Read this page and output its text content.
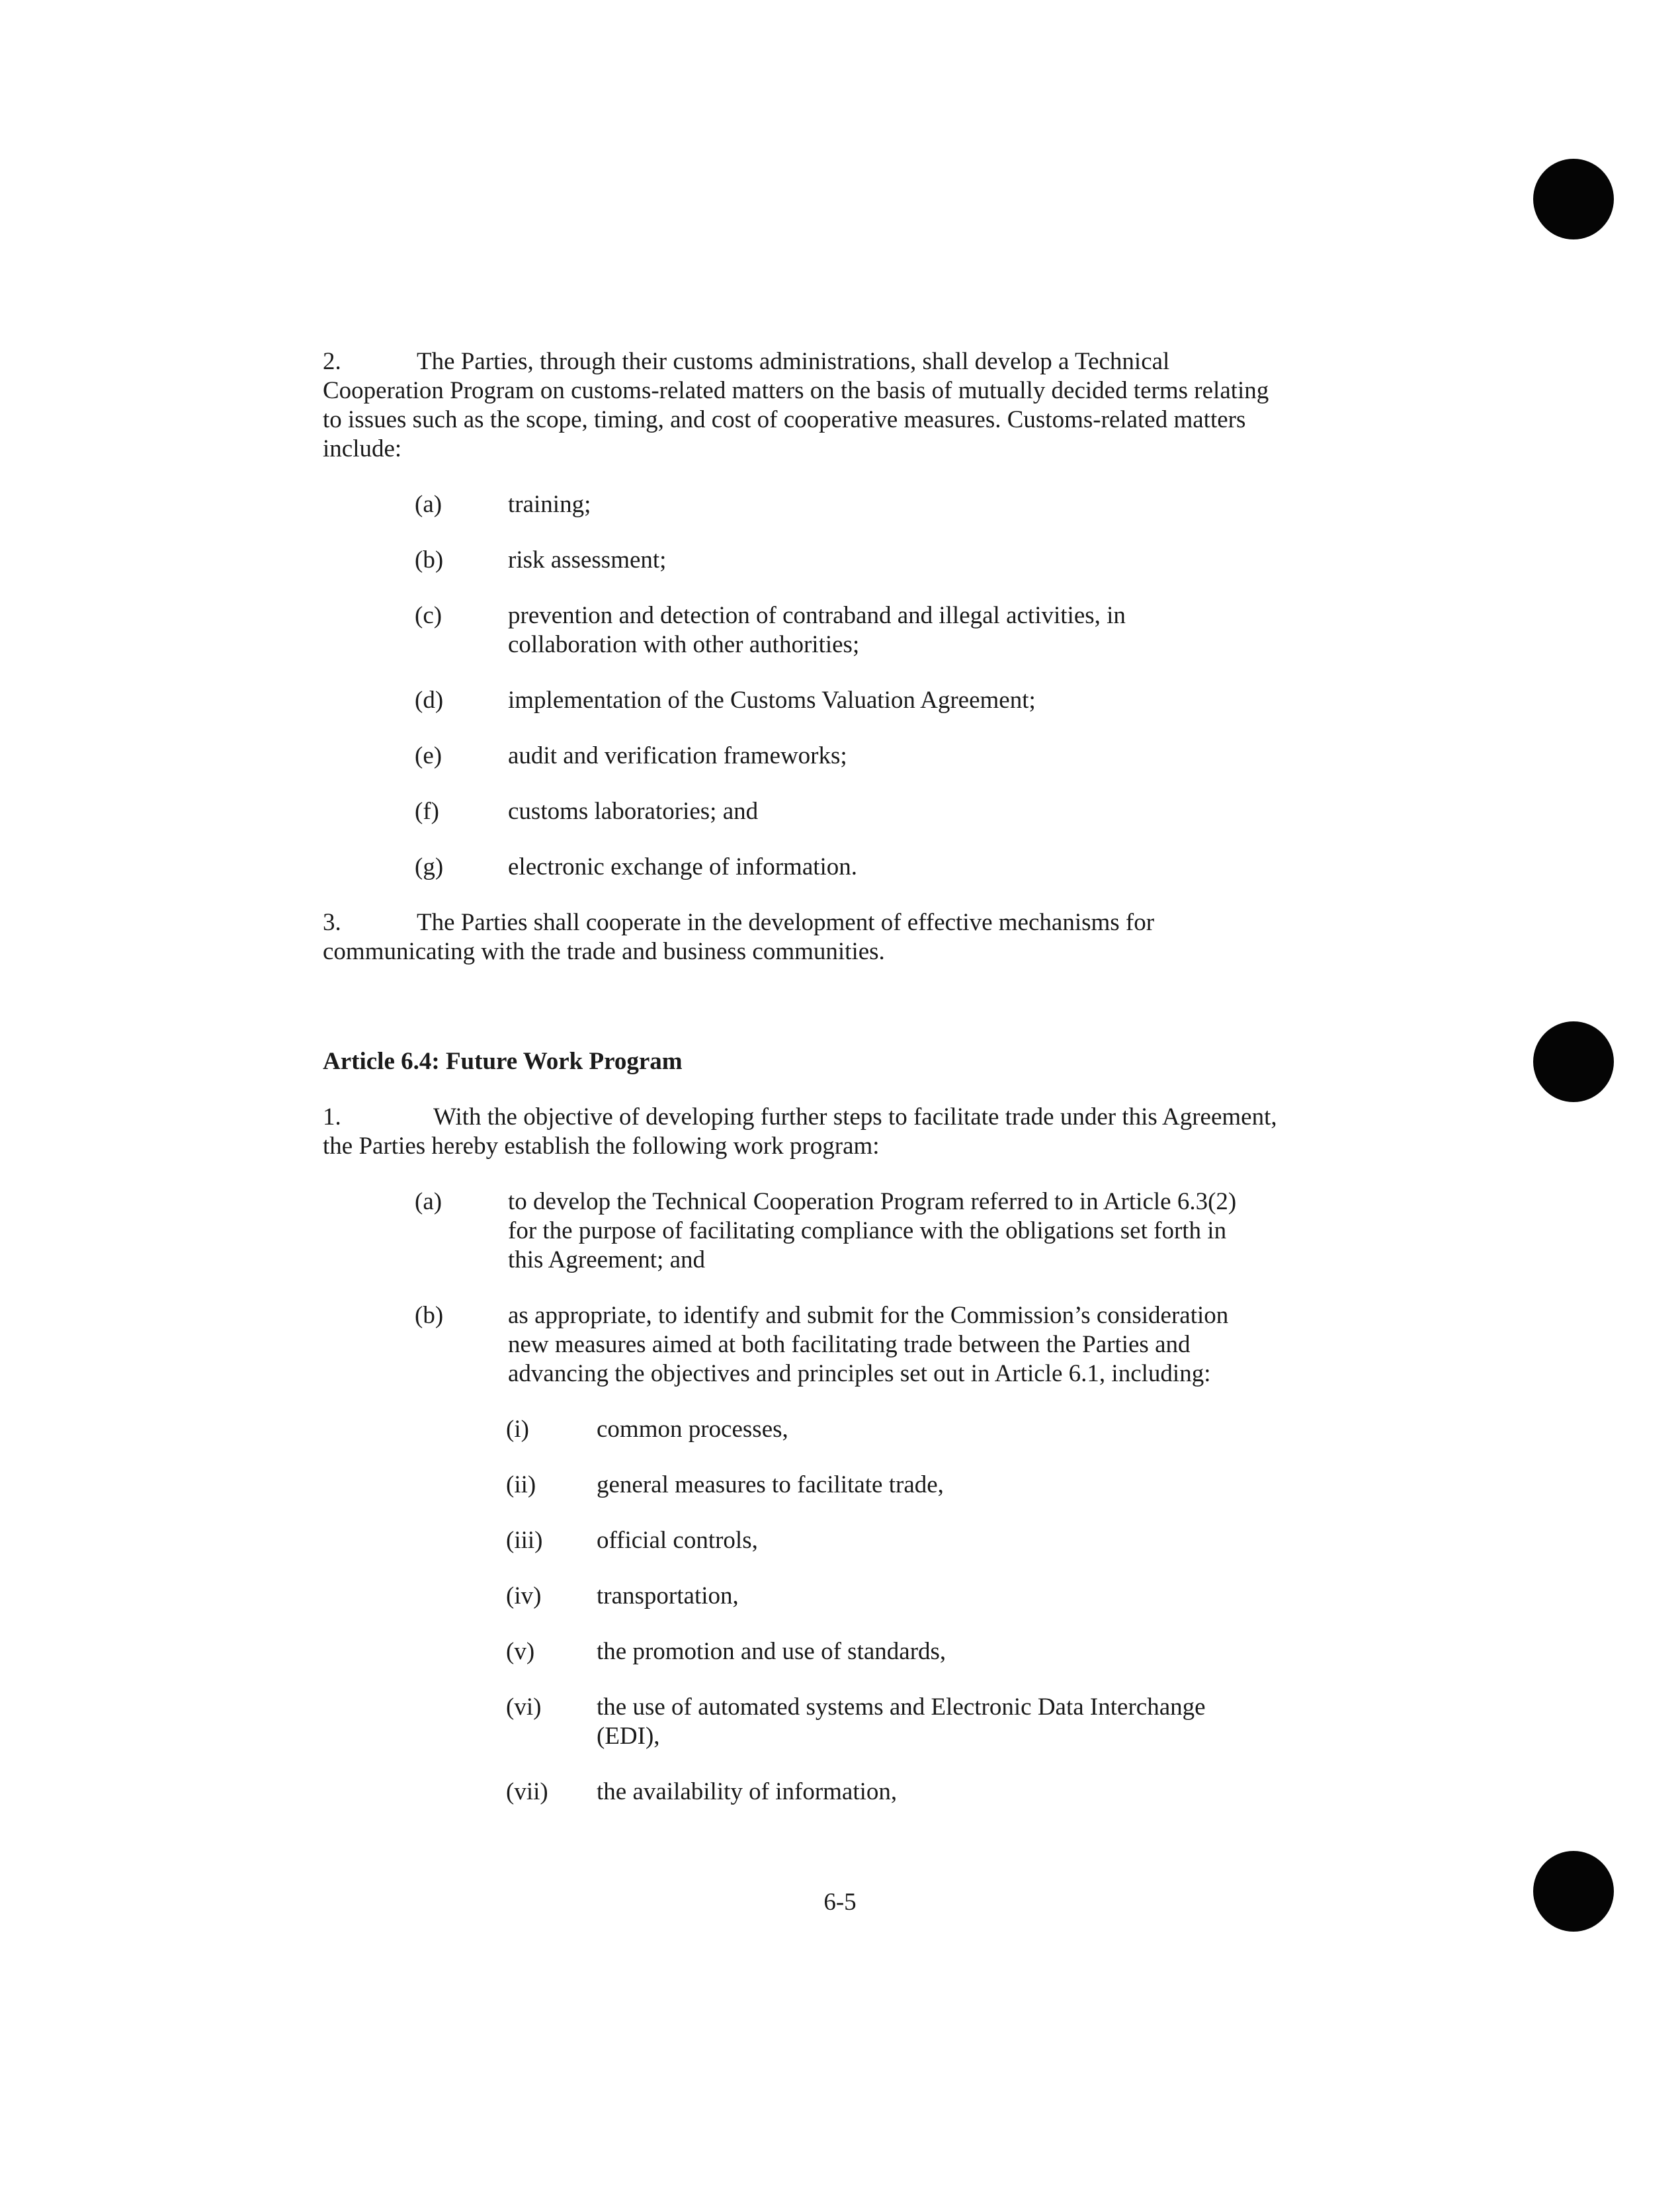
2.	The Parties, through their customs administrations, shall develop a Technical
Cooperation Program on customs-related matters on the basis of mutually decided terms relating
to issues such as the scope, timing, and cost of cooperative measures. Customs-related matters
include:
(a)	training;
(b)	risk assessment;
(c)	prevention and detection of contraband and illegal activities, in
collaboration with other authorities;
(d)	implementation of the Customs Valuation Agreement;
(e)	audit and verification frameworks;
(f)	customs laboratories; and
(g)	electronic exchange of information.
3.	The Parties shall cooperate in the development of effective mechanisms for
communicating with the trade and business communities.
Article 6.4: Future Work Program
1.	With the objective of developing further steps to facilitate trade under this Agreement,
the Parties hereby establish the following work program:
(a)	to develop the Technical Cooperation Program referred to in Article 6.3(2)
for the purpose of facilitating compliance with the obligations set forth in
this Agreement; and
(b)	as appropriate, to identify and submit for the Commission’s consideration
new measures aimed at both facilitating trade between the Parties and
advancing the objectives and principles set out in Article 6.1, including:
(i)	common processes,
(ii) general measures to facilitate trade,
(iii) official controls,
(iv) transportation,
(v)	the promotion and use of standards,
(vi) the use of automated systems and Electronic Data Interchange
(EDI),
(vii) the availability of information,
6-5
